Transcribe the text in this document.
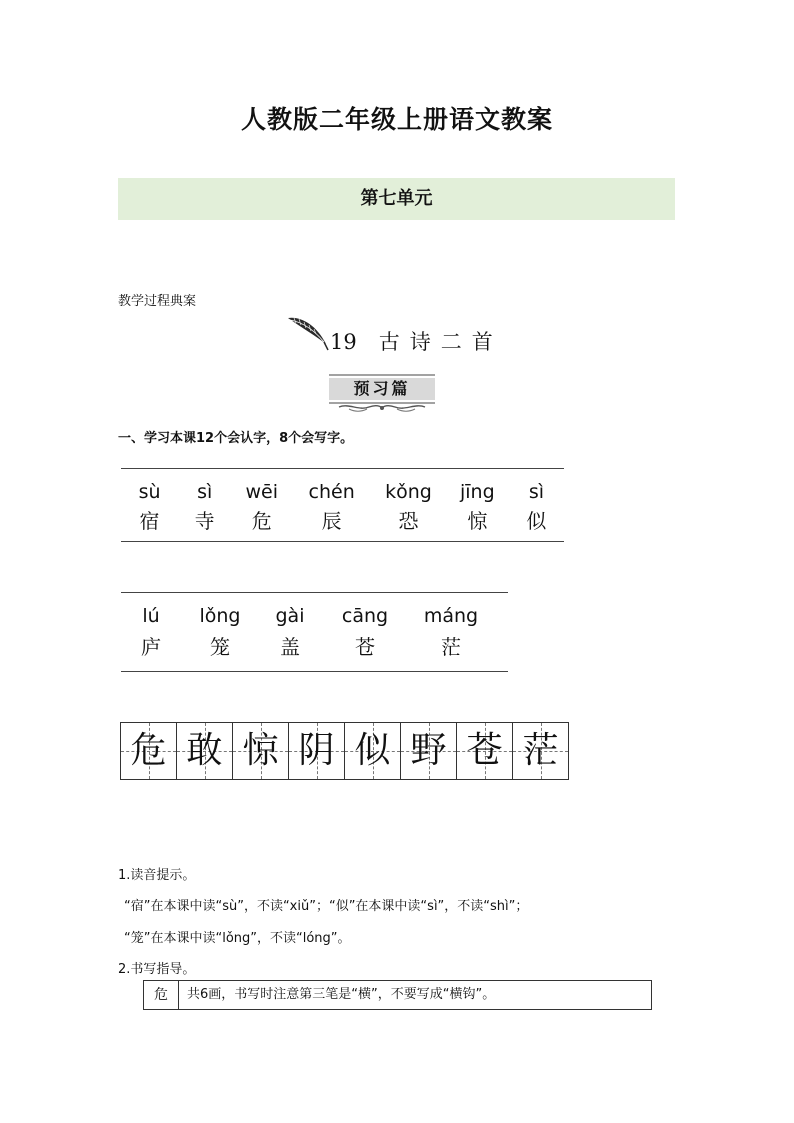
人教版二年级上册语文教案
第七单元
教学过程典案
19 古诗二首
预习篇
一、学习本课12个会认字，8个会写字。
sù	sì	wēi	chén	kǒng	jīng	sì
宿	寺	危	辰	恐	惊	似
lú	lǒng	gài	cāng	máng
庐	笼	盖	苍	茫
危 敢 惊 阴 似 野 苍 茫
1.读音提示。
“宿”在本课中读“sù”，不读“xiǔ”；“似”在本课中读“sì”，不读“shì”；
“笼”在本课中读“lǒng”，不读“lóng”。
2.书写指导。
危	共6画，书写时注意第三笔是“横”，不要写成“横钩”。
